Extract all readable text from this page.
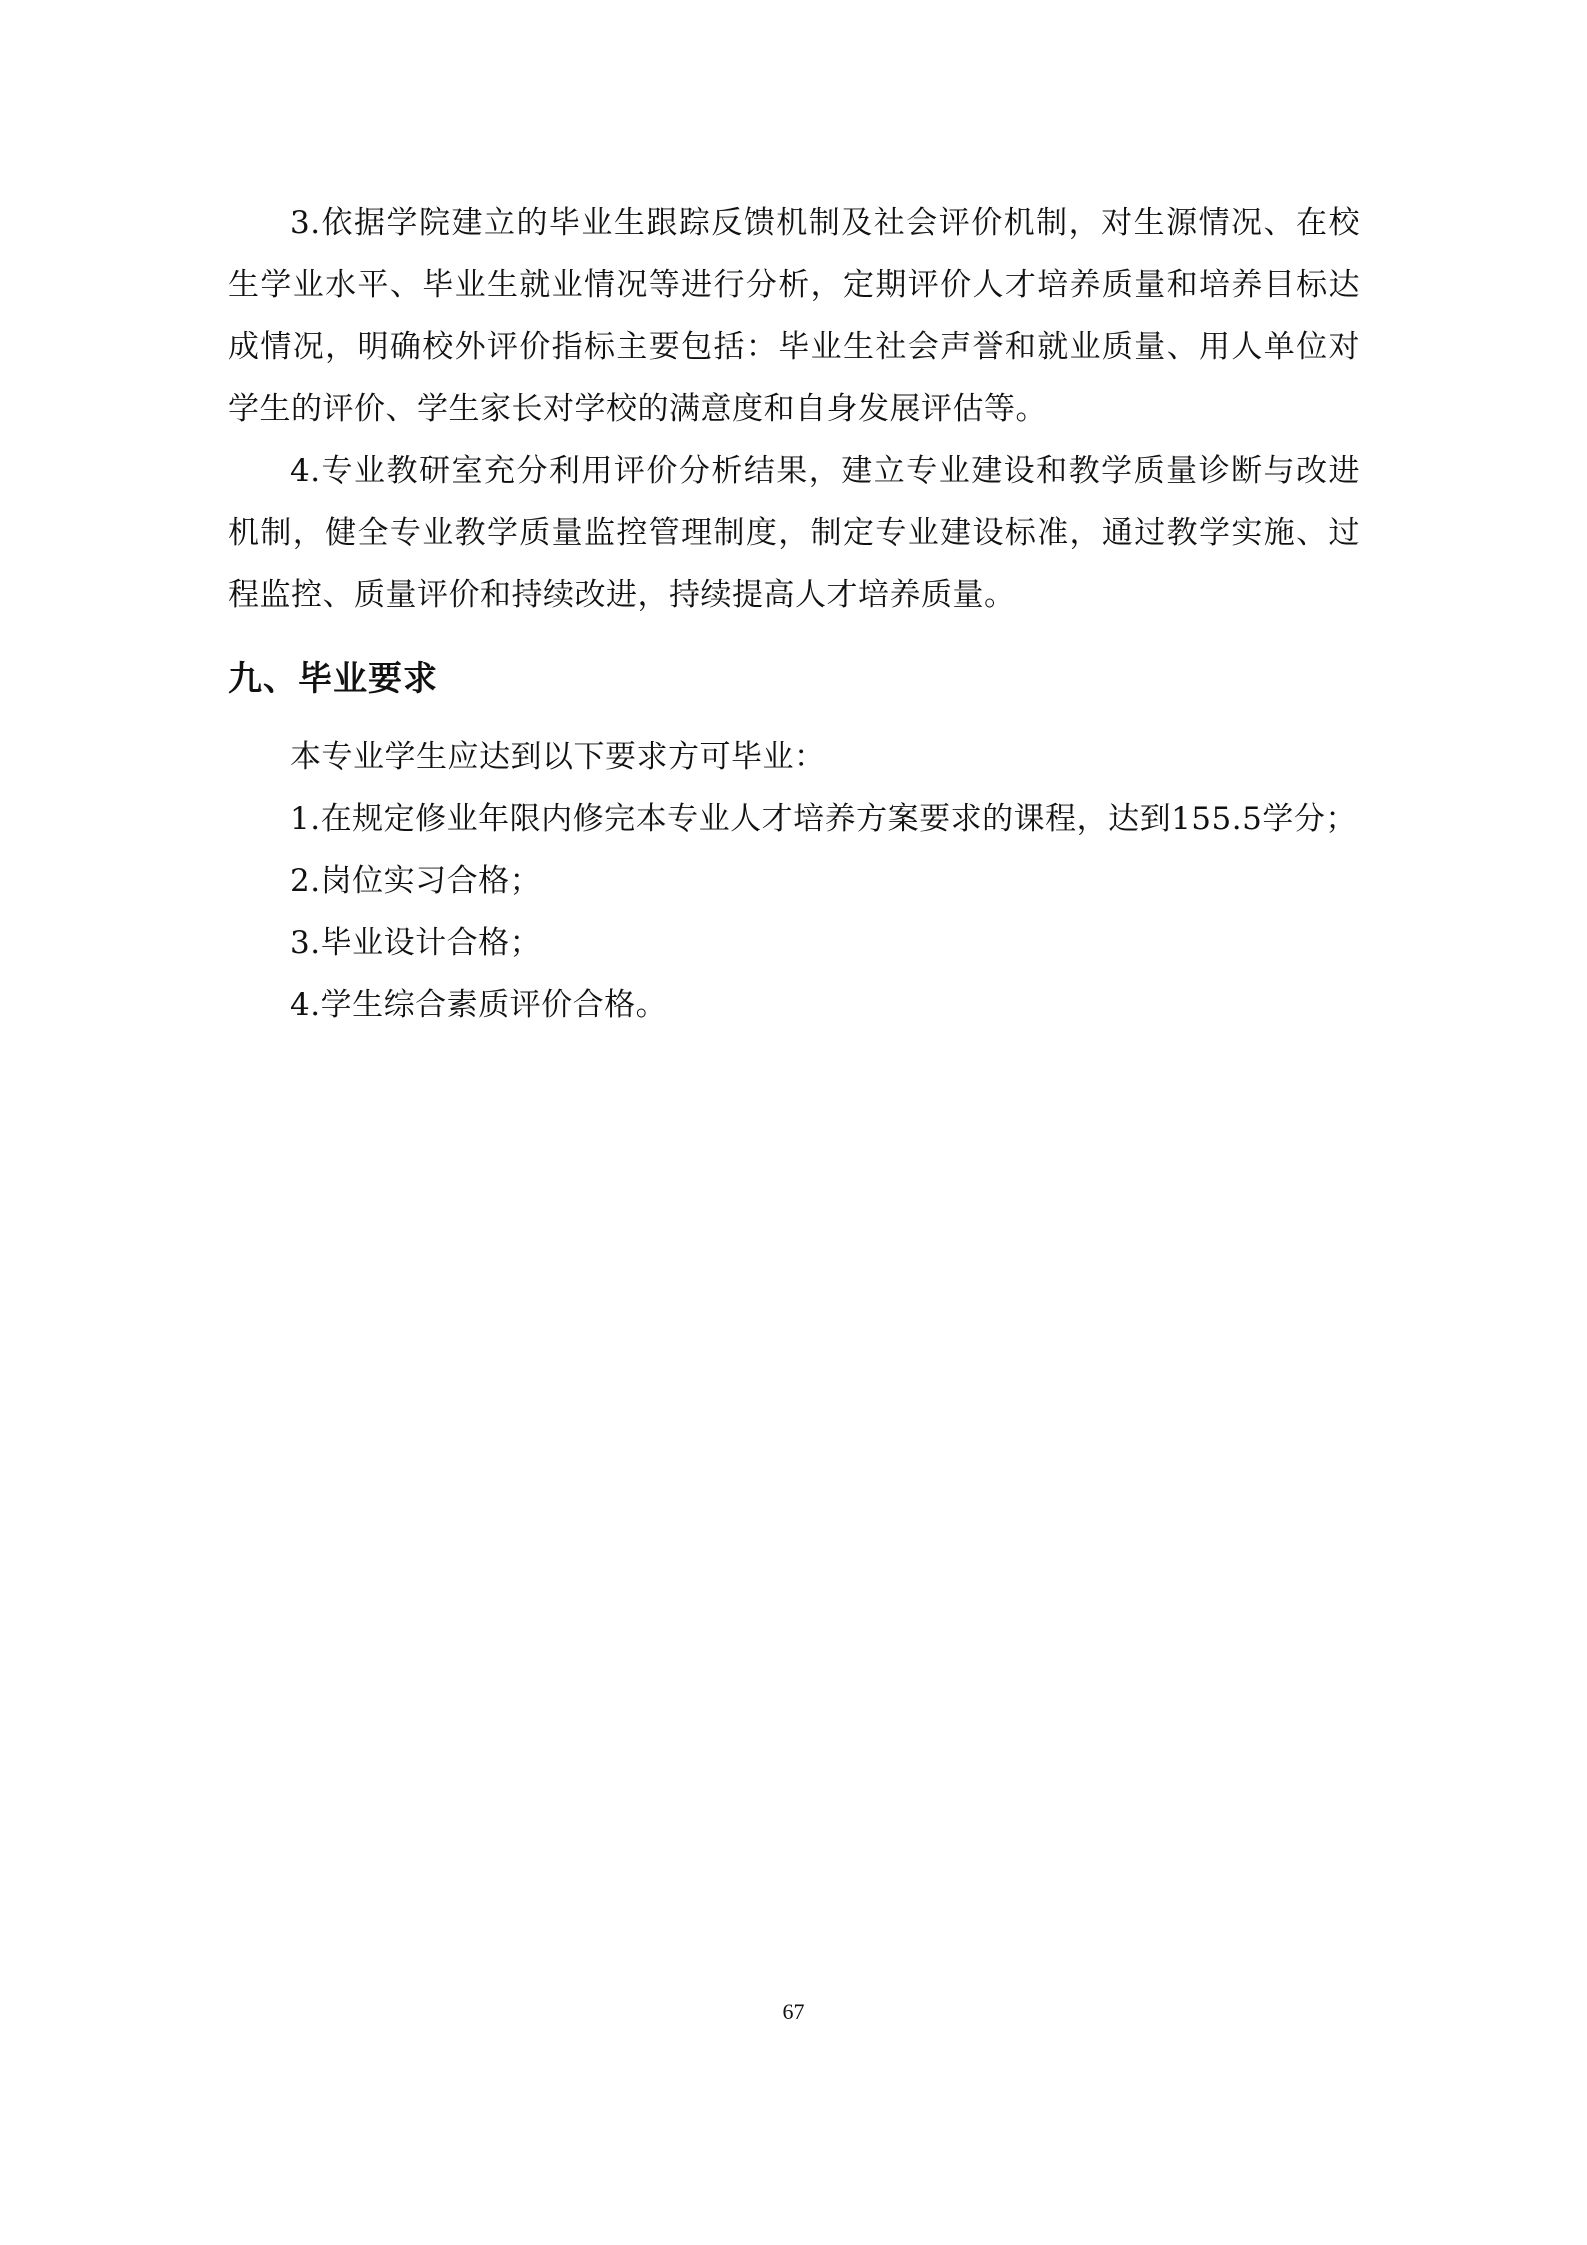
3.依据学院建立的毕业生跟踪反馈机制及社会评价机制，对生源情况、在校生学业水平、毕业生就业情况等进行分析，定期评价人才培养质量和培养目标达成情况，明确校外评价指标主要包括：毕业生社会声誉和就业质量、用人单位对学生的评价、学生家长对学校的满意度和自身发展评估等。

4.专业教研室充分利用评价分析结果，建立专业建设和教学质量诊断与改进机制，健全专业教学质量监控管理制度，制定专业建设标准，通过教学实施、过程监控、质量评价和持续改进，持续提高人才培养质量。

九、毕业要求

本专业学生应达到以下要求方可毕业：

1.在规定修业年限内修完本专业人才培养方案要求的课程，达到155.5学分；

2.岗位实习合格；

3.毕业设计合格；

4.学生综合素质评价合格。

67
